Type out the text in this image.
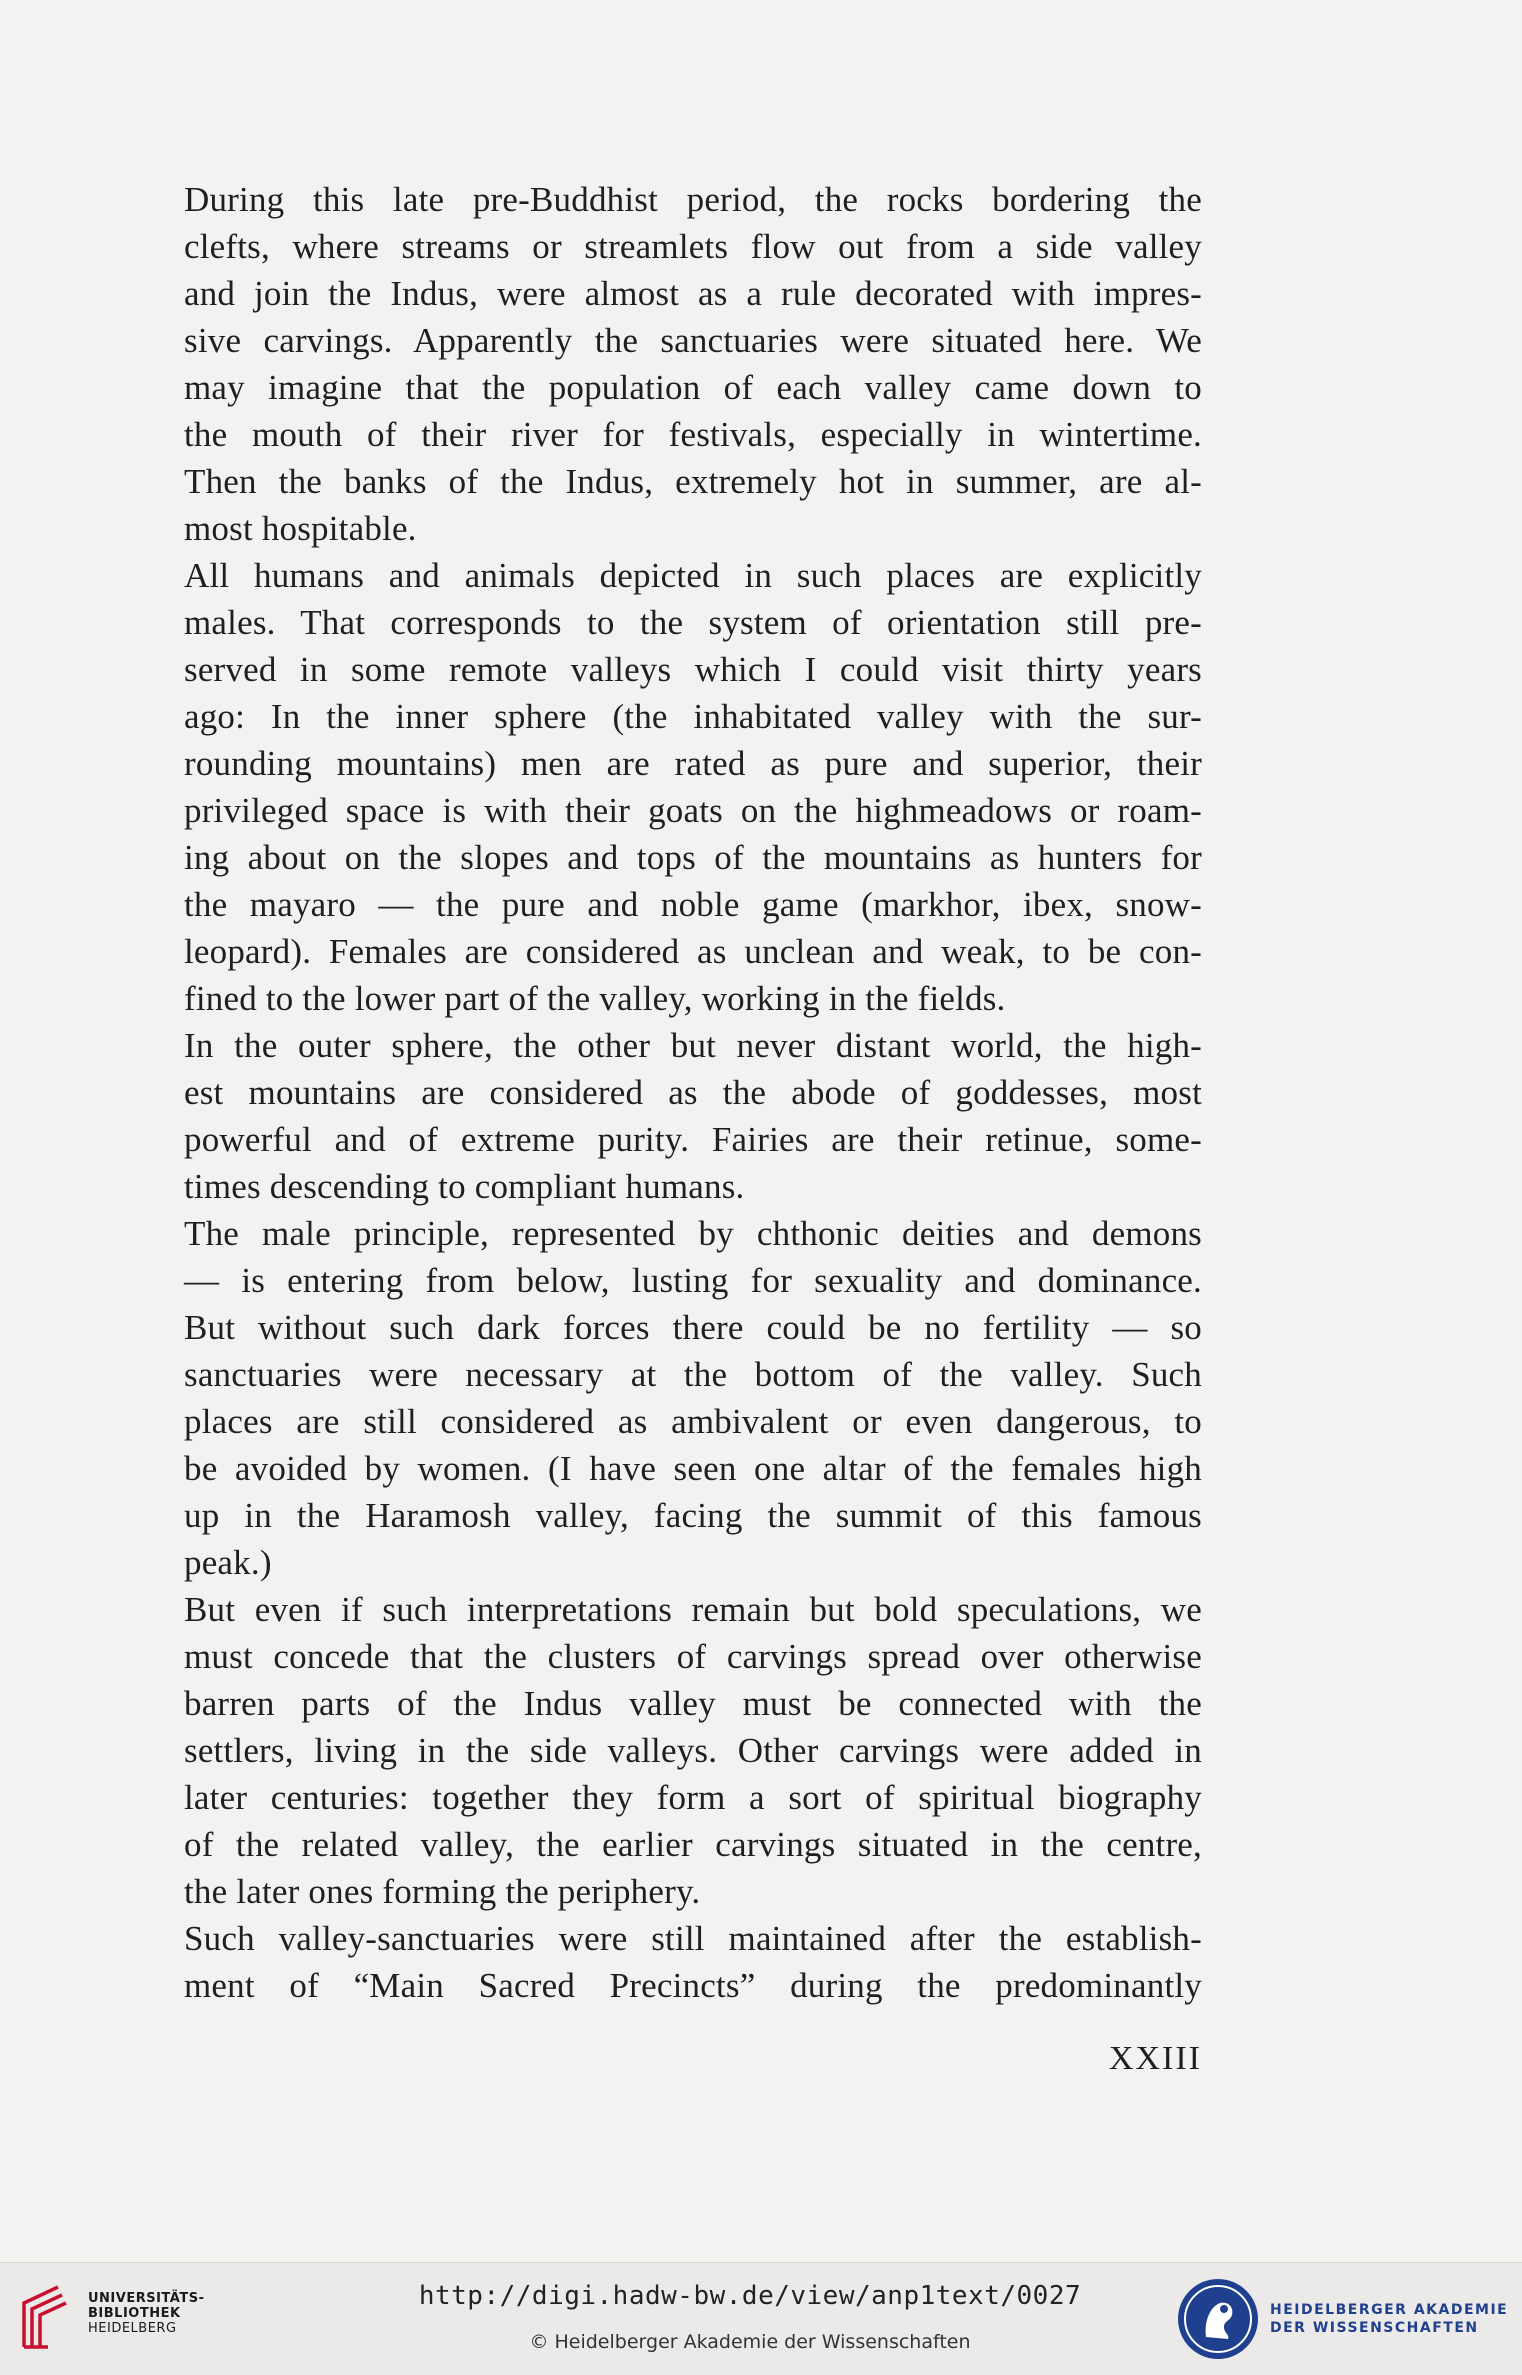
During this late pre-Buddhist period, the rocks bordering the
clefts, where streams or streamlets flow out from a side valley
and join the Indus, were almost as a rule decorated with impres-
sive carvings. Apparently the sanctuaries were situated here. We
may imagine that the population of each valley came down to
the mouth of their river for festivals, especially in wintertime.
Then the banks of the Indus, extremely hot in summer, are al-
most hospitable.
All humans and animals depicted in such places are explicitly
males. That corresponds to the system of orientation still pre-
served in some remote valleys which I could visit thirty years
ago: In the inner sphere (the inhabitated valley with the sur-
rounding mountains) men are rated as pure and superior, their
privileged space is with their goats on the highmeadows or roam-
ing about on the slopes and tops of the mountains as hunters for
the mayaro — the pure and noble game (markhor, ibex, snow-
leopard). Females are considered as unclean and weak, to be con-
fined to the lower part of the valley, working in the fields.
In the outer sphere, the other but never distant world, the high-
est mountains are considered as the abode of goddesses, most
powerful and of extreme purity. Fairies are their retinue, some-
times descending to compliant humans.
The male principle, represented by chthonic deities and demons
— is entering from below, lusting for sexuality and dominance.
But without such dark forces there could be no fertility — so
sanctuaries were necessary at the bottom of the valley. Such
places are still considered as ambivalent or even dangerous, to
be avoided by women. (I have seen one altar of the females high
up in the Haramosh valley, facing the summit of this famous
peak.)
But even if such interpretations remain but bold speculations, we
must concede that the clusters of carvings spread over otherwise
barren parts of the Indus valley must be connected with the
settlers, living in the side valleys. Other carvings were added in
later centuries: together they form a sort of spiritual biography
of the related valley, the earlier carvings situated in the centre,
the later ones forming the periphery.
Such valley-sanctuaries were still maintained after the establish-
ment of “Main Sacred Precincts” during the predominantly
XXIII
UNIVERSITÄTS-
BIBLIOTHEK
HEIDELBERG
http://digi.hadw-bw.de/view/anp1text/0027
© Heidelberger Akademie der Wissenschaften
HEIDELBERGER AKADEMIE
DER WISSENSCHAFTEN
